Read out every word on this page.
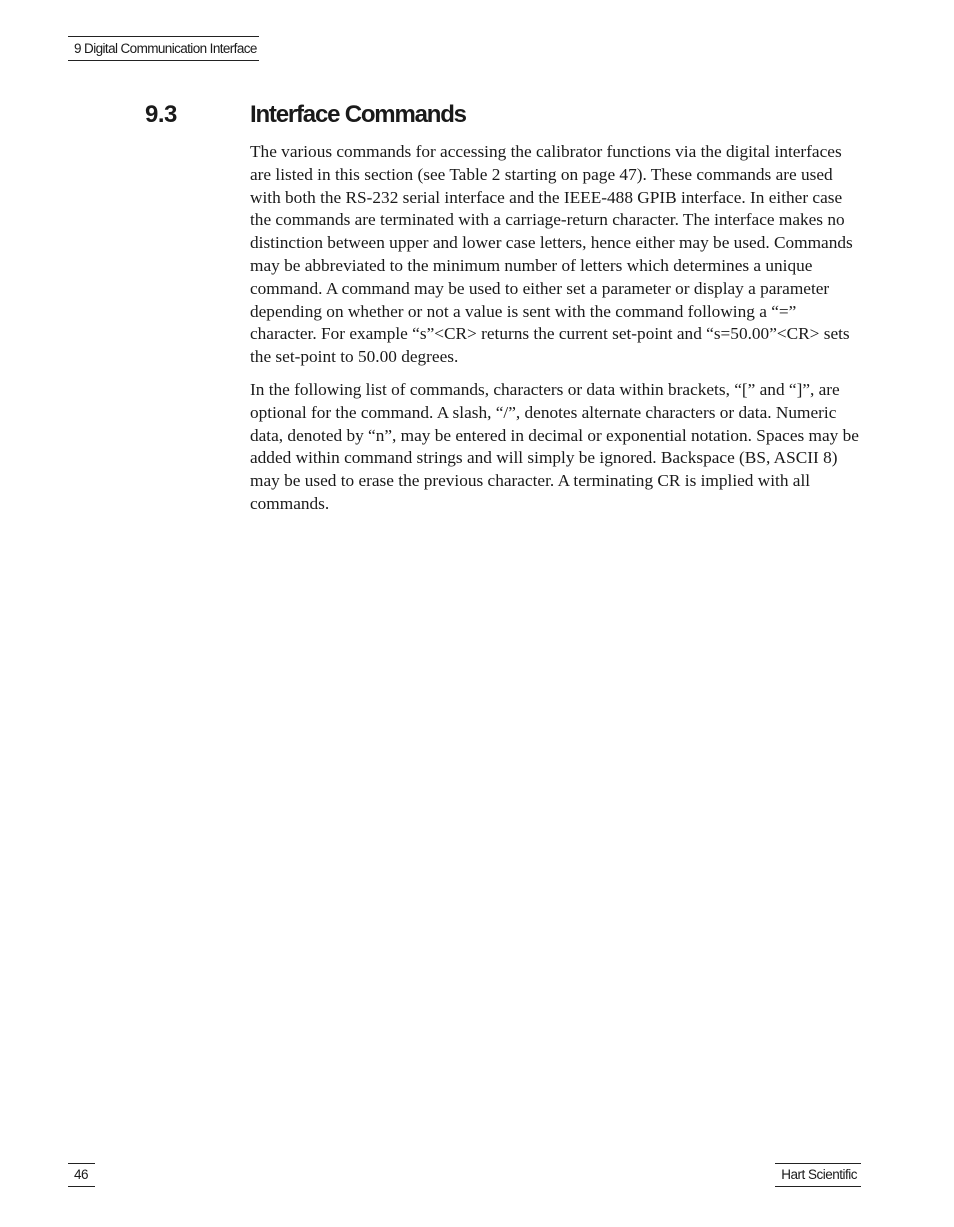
9 Digital Communication Interface
9.3	Interface Commands

The various commands for accessing the calibrator functions via the digital interfaces are listed in this section (see Table 2 starting on page 47). These commands are used with both the RS-232 serial interface and the IEEE-488 GPIB interface. In either case the commands are terminated with a carriage-return character. The interface makes no distinction between upper and lower case letters, hence either may be used. Commands may be abbreviated to the minimum number of letters which determines a unique command. A command may be used to either set a parameter or display a parameter depending on whether or not a value is sent with the command following a “=” character. For example “s”<CR> returns the current set-point and “s=50.00”<CR> sets the set-point to 50.00 degrees.

In the following list of commands, characters or data within brackets, “[” and “]”, are optional for the command. A slash, “/”, denotes alternate characters or data. Numeric data, denoted by “n”, may be entered in decimal or exponential notation. Spaces may be added within command strings and will simply be ignored. Backspace (BS, ASCII 8) may be used to erase the previous character. A terminating CR is implied with all commands.

46	Hart Scientific
